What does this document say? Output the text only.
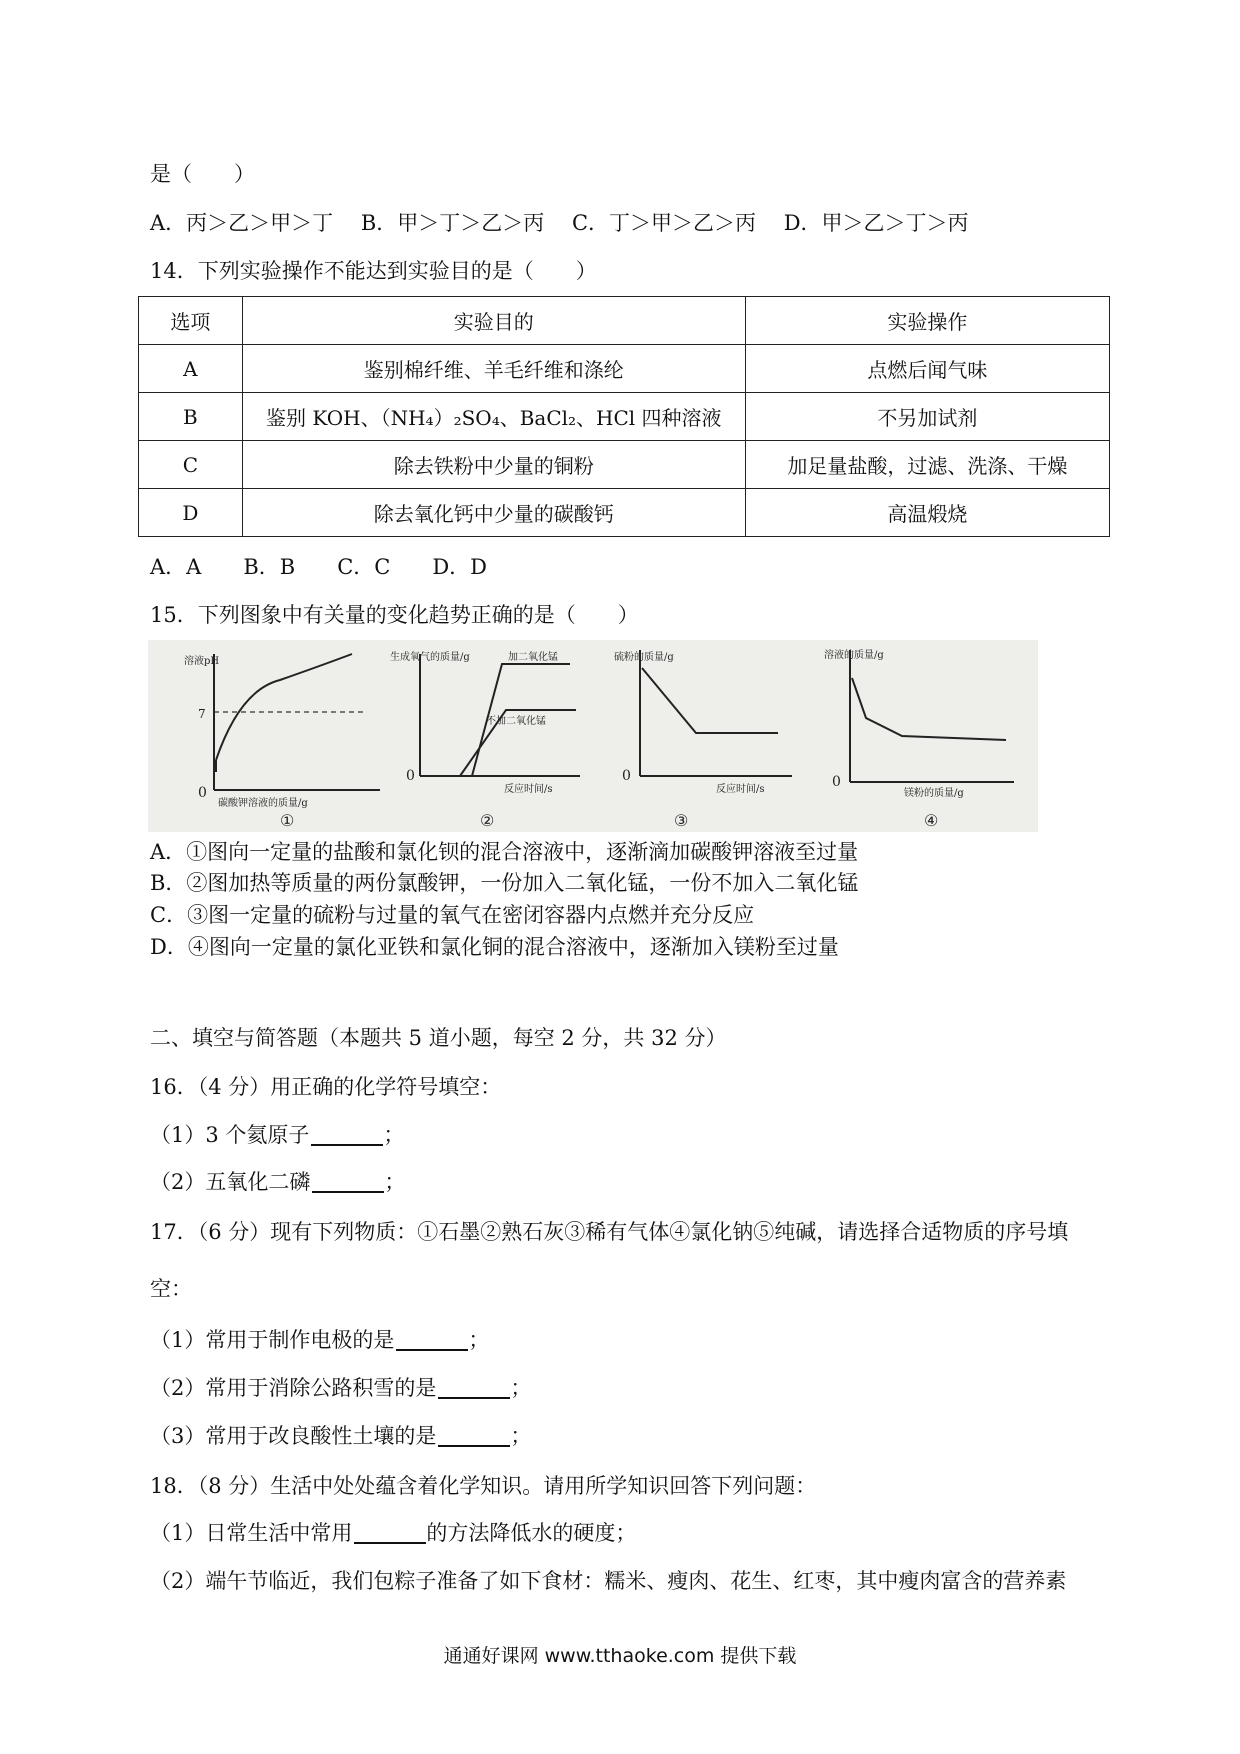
是（　　）
A．丙＞乙＞甲＞丁　 B．甲＞丁＞乙＞丙　 C．丁＞甲＞乙＞丙　 D．甲＞乙＞丁＞丙
14．下列实验操作不能达到实验目的是（　　）
选项	实验目的	实验操作
A	鉴别棉纤维、羊毛纤维和涤纶	点燃后闻气味
B	鉴别 KOH、（NH₄）₂SO₄、BaCl₂、HCl 四种溶液	不另加试剂
C	除去铁粉中少量的铜粉	加足量盐酸，过滤、洗涤、干燥
D	除去氧化钙中少量的碳酸钙	高温煅烧
A．A　　B．B　　C．C　　D．D
15．下列图象中有关量的变化趋势正确的是（　　）
溶液pH
7
0
碳酸钾溶液的质量/g
①
生成氧气的质量/g	加二氧化锰
不加二氧化锰
0
反应时间/s
②
硫粉的质量/g
0
反应时间/s
③
溶液的质量/g
0
镁粉的质量/g
④
A．①图向一定量的盐酸和氯化钡的混合溶液中，逐渐滴加碳酸钾溶液至过量
B．②图加热等质量的两份氯酸钾，一份加入二氧化锰，一份不加入二氧化锰
C．③图一定量的硫粉与过量的氧气在密闭容器内点燃并充分反应
D．④图向一定量的氯化亚铁和氯化铜的混合溶液中，逐渐加入镁粉至过量
二、填空与简答题（本题共 5 道小题，每空 2 分，共 32 分）
16．（4 分）用正确的化学符号填空：
（1）3 个氦原子	；
（2）五氧化二磷	；
17．（6 分）现有下列物质：①石墨②熟石灰③稀有气体④氯化钠⑤纯碱，请选择合适物质的序号填
空：
（1）常用于制作电极的是	；
（2）常用于消除公路积雪的是	；
（3）常用于改良酸性土壤的是	；
18．（8 分）生活中处处蕴含着化学知识。请用所学知识回答下列问题：
（1）日常生活中常用	的方法降低水的硬度；
（2）端午节临近，我们包粽子准备了如下食材：糯米、瘦肉、花生、红枣，其中瘦肉富含的营养素
通通好课网 www.tthaoke.com 提供下载
